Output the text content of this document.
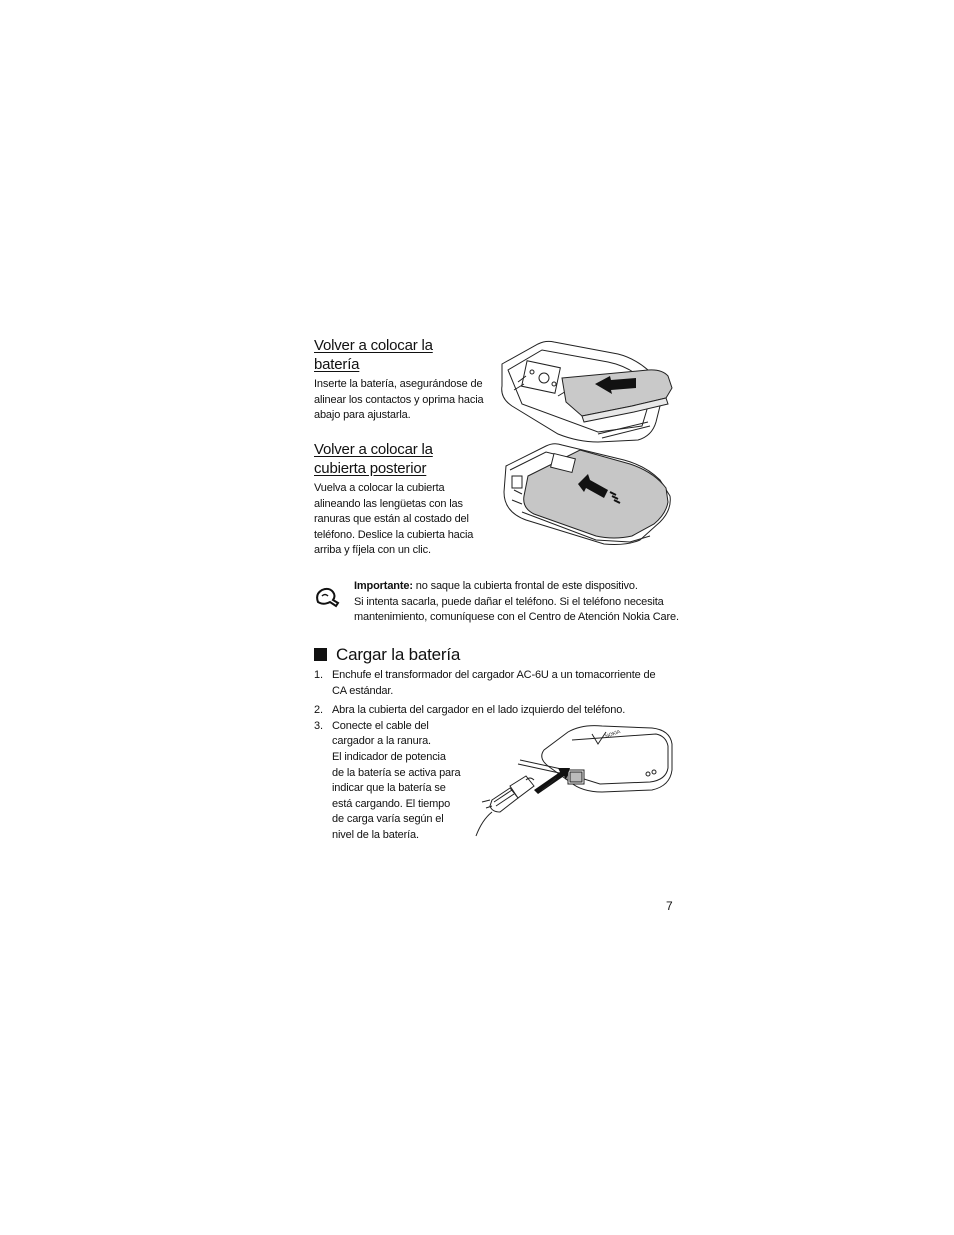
Volver a colocar la
batería
Inserte la batería, asegurándose de
alinear los contactos y oprima hacia
abajo para ajustarla.
Volver a colocar la
cubierta posterior
Vuelva a colocar la cubierta
alineando las lengüetas con las
ranuras que están al costado del
teléfono. Deslice la cubierta hacia
arriba y fíjela con un clic.
Importante: no saque la cubierta frontal de este dispositivo.
Si intenta sacarla, puede dañar el teléfono. Si el teléfono necesita
mantenimiento, comuníquese con el Centro de Atención Nokia Care.
Cargar la batería
1. Enchufe el transformador del cargador AC-6U a un tomacorriente de
CA estándar.
2. Abra la cubierta del cargador en el lado izquierdo del teléfono.
3. Conecte el cable del
cargador a la ranura.
El indicador de potencia
de la batería se activa para
indicar que la batería se
está cargando. El tiempo
de carga varía según el
nivel de la batería.
NOKIA
7
